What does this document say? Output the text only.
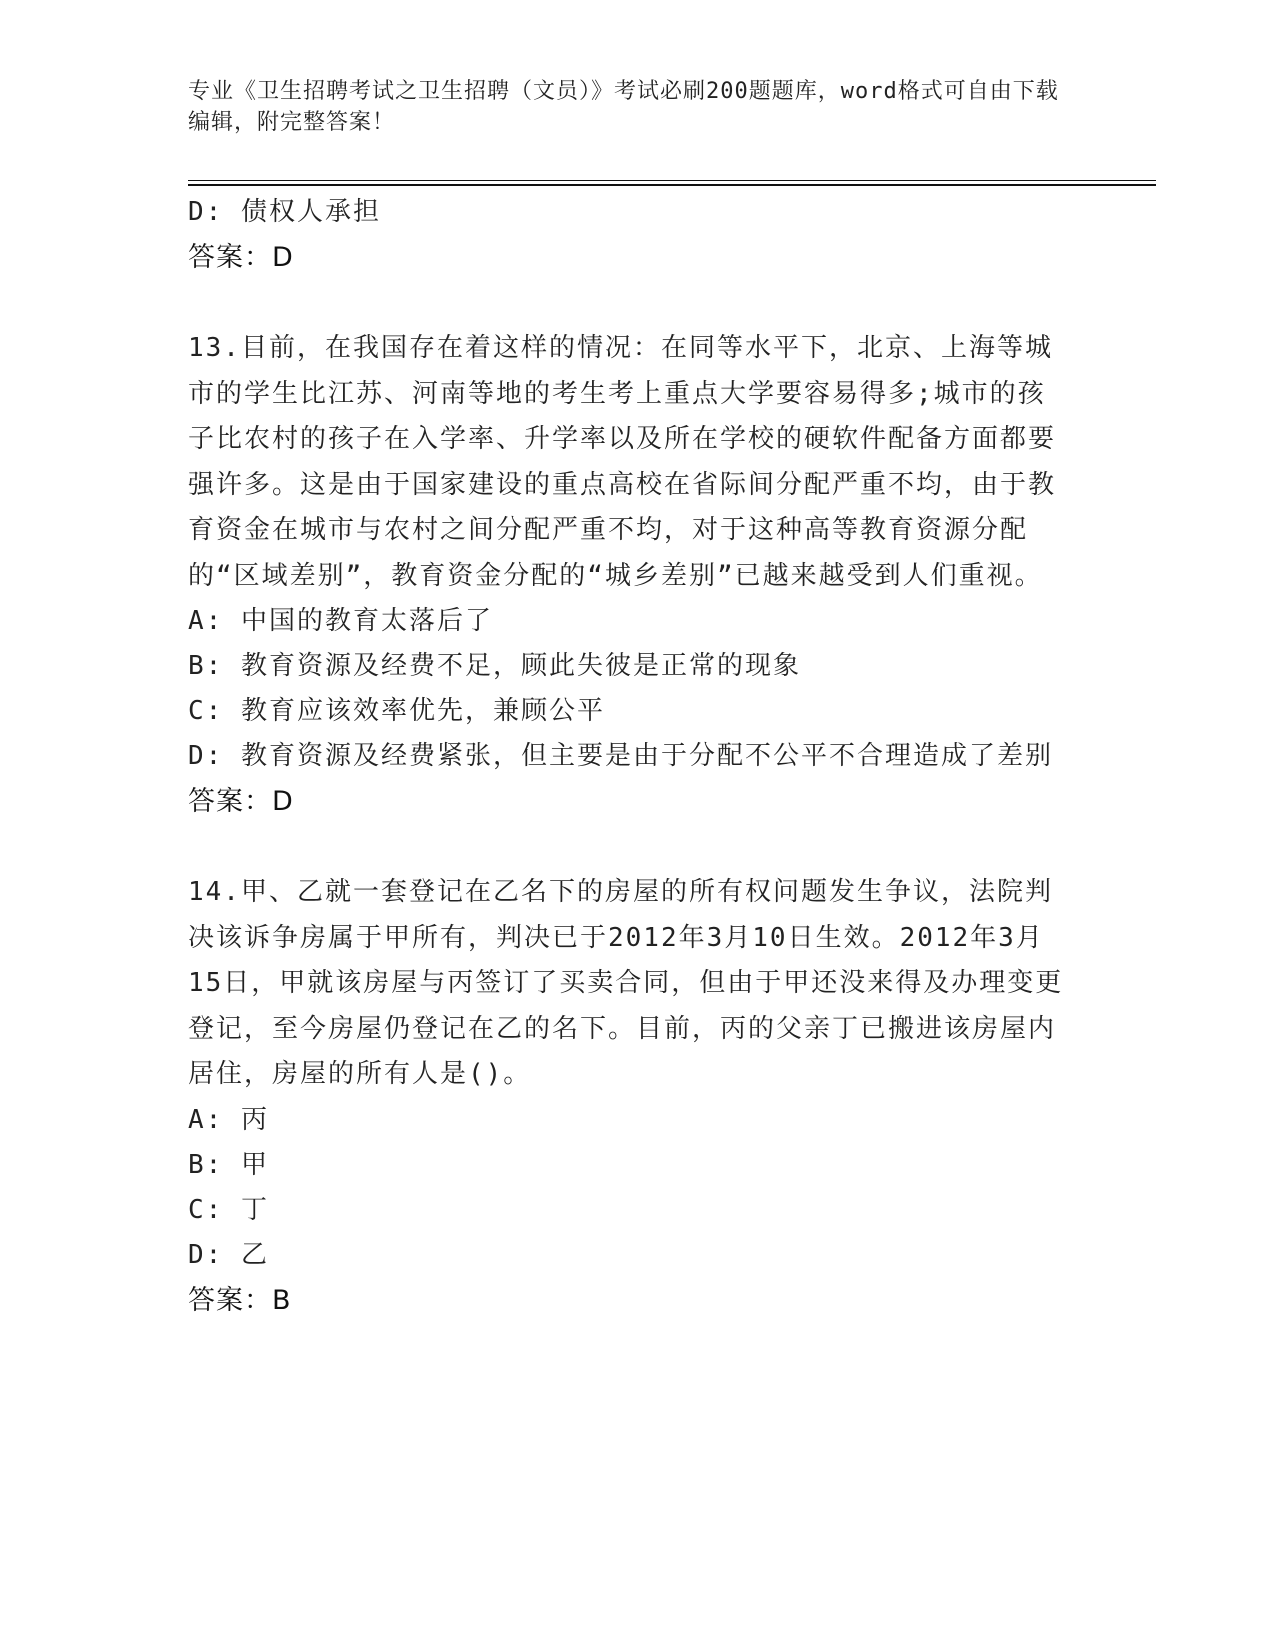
专业《卫生招聘考试之卫生招聘（文员）》考试必刷200题题库，word格式可自由下载编辑，附完整答案！

D: 债权人承担

答案：D

13.目前，在我国存在着这样的情况：在同等水平下，北京、上海等城市的学生比江苏、河南等地的考生考上重点大学要容易得多;城市的孩子比农村的孩子在入学率、升学率以及所在学校的硬软件配备方面都要强许多。这是由于国家建设的重点高校在省际间分配严重不均，由于教育资金在城市与农村之间分配严重不均，对于这种高等教育资源分配的“区域差别”，教育资金分配的“城乡差别”已越来越受到人们重视。

A: 中国的教育太落后了

B: 教育资源及经费不足，顾此失彼是正常的现象

C: 教育应该效率优先，兼顾公平

D: 教育资源及经费紧张，但主要是由于分配不公平不合理造成了差别

答案：D

14.甲、乙就一套登记在乙名下的房屋的所有权问题发生争议，法院判决该诉争房属于甲所有，判决已于2012年3月10日生效。2012年3月15日，甲就该房屋与丙签订了买卖合同，但由于甲还没来得及办理变更登记，至今房屋仍登记在乙的名下。目前，丙的父亲丁已搬进该房屋内居住，房屋的所有人是()。

A: 丙

B: 甲

C: 丁

D: 乙

答案：B
